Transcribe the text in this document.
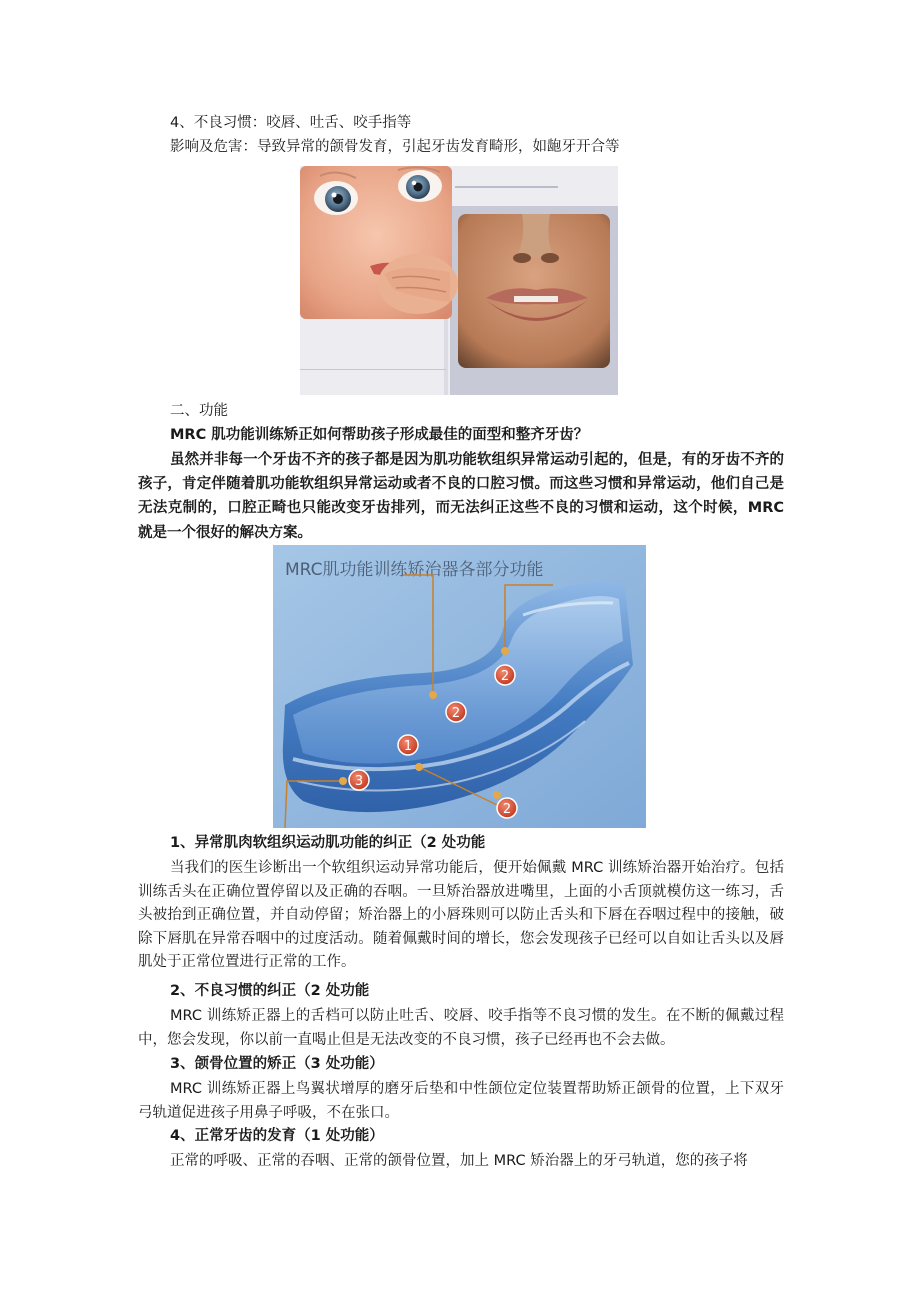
4、不良习惯：咬唇、吐舌、咬手指等
影响及危害：导致异常的颌骨发育，引起牙齿发育畸形，如龅牙开合等
二、功能
MRC 肌功能训练矫正如何帮助孩子形成最佳的面型和整齐牙齿？
虽然并非每一个牙齿不齐的孩子都是因为肌功能软组织异常运动引起的，但是，有的牙齿不齐的孩子，肯定伴随着肌功能软组织异常运动或者不良的口腔习惯。而这些习惯和异常运动，他们自己是无法克制的，口腔正畸也只能改变牙齿排列，而无法纠正这些不良的习惯和运动，这个时候，MRC 就是一个很好的解决方案。
MRC肌功能训练矫治器各部分功能
2
2
1
3
2
1、异常肌肉软组织运动肌功能的纠正（2 处功能
当我们的医生诊断出一个软组织运动异常功能后，便开始佩戴 MRC 训练矫治器开始治疗。包括训练舌头在正确位置停留以及正确的吞咽。一旦矫治器放进嘴里，上面的小舌顶就模仿这一练习，舌头被抬到正确位置，并自动停留；矫治器上的小唇珠则可以防止舌头和下唇在吞咽过程中的接触，破除下唇肌在异常吞咽中的过度活动。随着佩戴时间的增长，您会发现孩子已经可以自如让舌头以及唇肌处于正常位置进行正常的工作。
2、不良习惯的纠正（2 处功能
MRC 训练矫正器上的舌档可以防止吐舌、咬唇、咬手指等不良习惯的发生。在不断的佩戴过程中，您会发现，你以前一直喝止但是无法改变的不良习惯，孩子已经再也不会去做。
3、颌骨位置的矫正（3 处功能）
MRC 训练矫正器上鸟翼状增厚的磨牙后垫和中性颌位定位装置帮助矫正颌骨的位置，上下双牙弓轨道促进孩子用鼻子呼吸，不在张口。
4、正常牙齿的发育（1 处功能）
正常的呼吸、正常的吞咽、正常的颌骨位置，加上 MRC 矫治器上的牙弓轨道，您的孩子将
